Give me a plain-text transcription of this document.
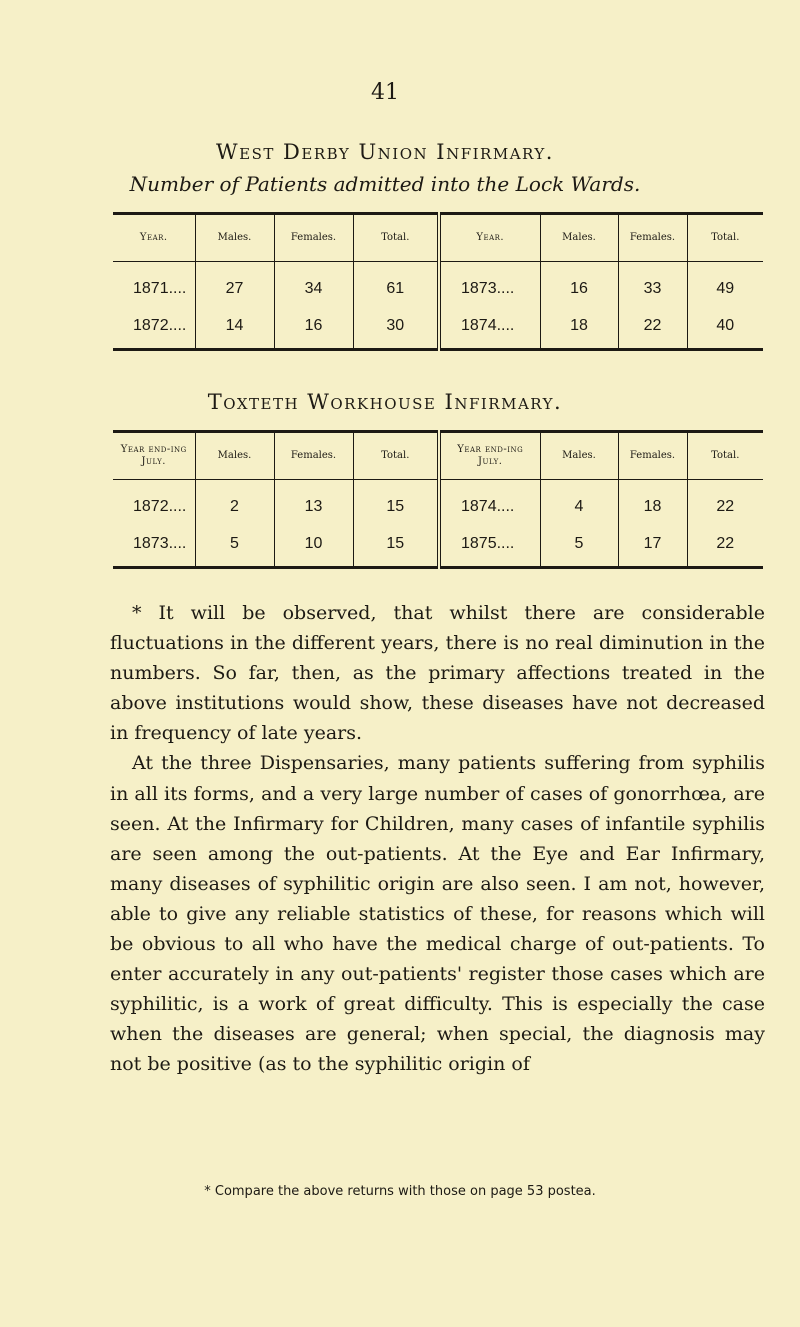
41
West Derby Union Infirmary.
Number of Patients admitted into the Lock Wards.
Year.	Males.	Females.	Total.	Year.	Males.	Females.	Total.
1871....	27	34	61	1873....	16	33	49
1872....	14	16	30	1874....	18	22	40
Toxteth Workhouse Infirmary.
Year end-ing July.	Males.	Females.	Total.	Year end-ing July.	Males.	Females.	Total.
1872....	2	13	15	1874....	4	18	22
1873....	5	10	15	1875....	5	17	22

* It will be observed, that whilst there are considerable fluctuations in the different years, there is no real diminution in the numbers. So far, then, as the primary affections treated in the above institutions would show, these diseases have not decreased in frequency of late years.

At the three Dispensaries, many patients suffering from syphilis in all its forms, and a very large number of cases of gonorrhœa, are seen. At the Infirmary for Children, many cases of infantile syphilis are seen among the out-patients. At the Eye and Ear Infirmary, many diseases of syphilitic origin are also seen. I am not, however, able to give any reliable statistics of these, for reasons which will be obvious to all who have the medical charge of out-patients. To enter accurately in any out-patients' register those cases which are syphilitic, is a work of great difficulty. This is especially the case when the diseases are general; when special, the diagnosis may not be positive (as to the syphilitic origin of

* Compare the above returns with those on page 53 postea.
